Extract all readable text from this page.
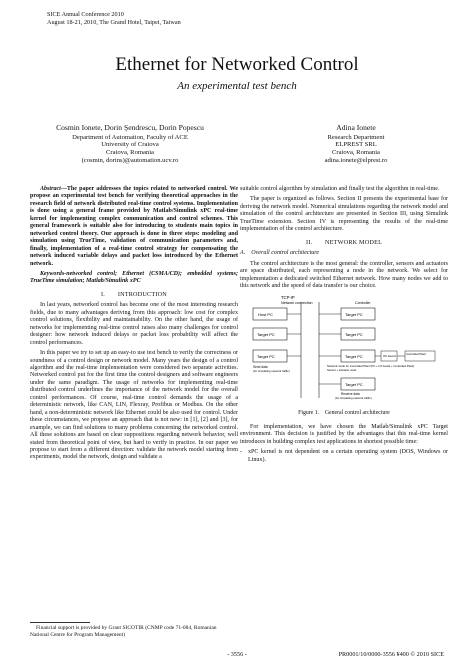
SICE Annual Conference 2010
August 18-21, 2010, The Grand Hotel, Taipei, Taiwan
Ethernet for Networked Control
An experimental test bench
Cosmin Ionete, Dorin Şendrescu, Dorin Popescu
Department of Automation, Faculty of ACE
University of Craiova
Craiova, Romania
(cosmin, dorins)@automation.ucv.ro
Adina Ionete
Research Department
ELPREST SRL
Craiova, Romania
adina.ionete@elprest.ro

Abstract—The paper addresses the topics related to networked control. We propose an experimental test bench for verifying theoretical approaches in the research field of network distributed real-time control systems. Implementation is done using a general frame provided by Matlab/Simulink xPC real-time kernel for implementing complex communication and control schemes. This general framework is suitable also for introducing to students main topics in networked control theory. Our approach is done in three steps: modeling and simulation using TrueTime, validation of communication parameters and, finally, implementation of a real-time control strategy for compensating the network induced variable delays and packet loss introduced by the Ethernet network.

Keywords-networked control; Ethernet (CSMA/CD); embedded systems; TrueTime simulation; Matlab/Simulink xPC

I.  INTRODUCTION

In last years, networked control has become one of the most interesting research fields, due to many advantages deriving from this approach: low cost for complex control solutions, flexibility and maintainability. On the other hand, the usage of networks for implementing real-time control raises also many challenges for control designer: how network induced delays or packet loss probability will affect the control performances.

In this paper we try to set up an easy-to use test bench to verify the correctness or soundness of a control design or network model. Many years the design of a control algorithm and the real-time implementation were considered two separate activities. Networked control put for the first time the control designers and software engineers under the same paradigm. The usage of networks for implementing real-time distributed control underlines the importance of the network model for the overall control performances. Of course, real-time control demands the usage of a deterministic network, like CAN, LIN, Flexray, Profibus or Modbus. On the other hand, a non-deterministic network like Ethernet could be also used for control. Under these circumstances, we propose an approach that is not new: in [1], [2] and [3], for example, we can find solutions to many problems concerning the networked control. All these solutions are based on clear suppositions regarding network behavior, well stated from theoretical point of view, but hard to verify in practice. In our paper we propose to start from a different direction: validate the network model starting from experiments, model the network, design and validate a

suitable control algorithm by simulation and finally test the algorithm in real-time.

The paper is organized as follows. Section II presents the experimental base for deriving the network model. Numerical simulations regarding the network model and simulation of the control architecture are presented in Section III, using Simulink TrueTime extension. Section IV is representing the results of the real-time implementation of the control architecture.

II.  NETWORK MODEL
A. Overall control architecture

The control architecture is the most general: the controller, sensors and actuators are space distributed, each representing a node in the network. We select for implementation a dedicated switched Ethernet network. How many nodes we add to this network and the speed of data transfer is our choice.

TCP-IP
Network connection	Controller
Host PC	Target PC
Target PC	Target PC
Target PC
Send data
(for simulating network traffic)
Target PC	I/O board	Controlled Plant
Network mode for Controlled Plant (PC + I/O board + Controlled Plant)
Sensor + Actuator node
Target PC
Receive data
(for simulating network traffic)
Figure 1. General control architecture

For implementation, we have chosen the Matlab/Simulink xPC Target environment. This decision is justified by the advantages that this real-time kernel introduces in building complex test applications in shortest possible time:

- xPC kernel is not dependent on a certain operating system (DOS, Windows or Linux).
Financial support is provided by Grant SICOTIR (CNMP code 71-084, Romanian National Centre for Program Management)
- 3556 -	PR0001/10/0000-3556 ¥400 © 2010 SICE
